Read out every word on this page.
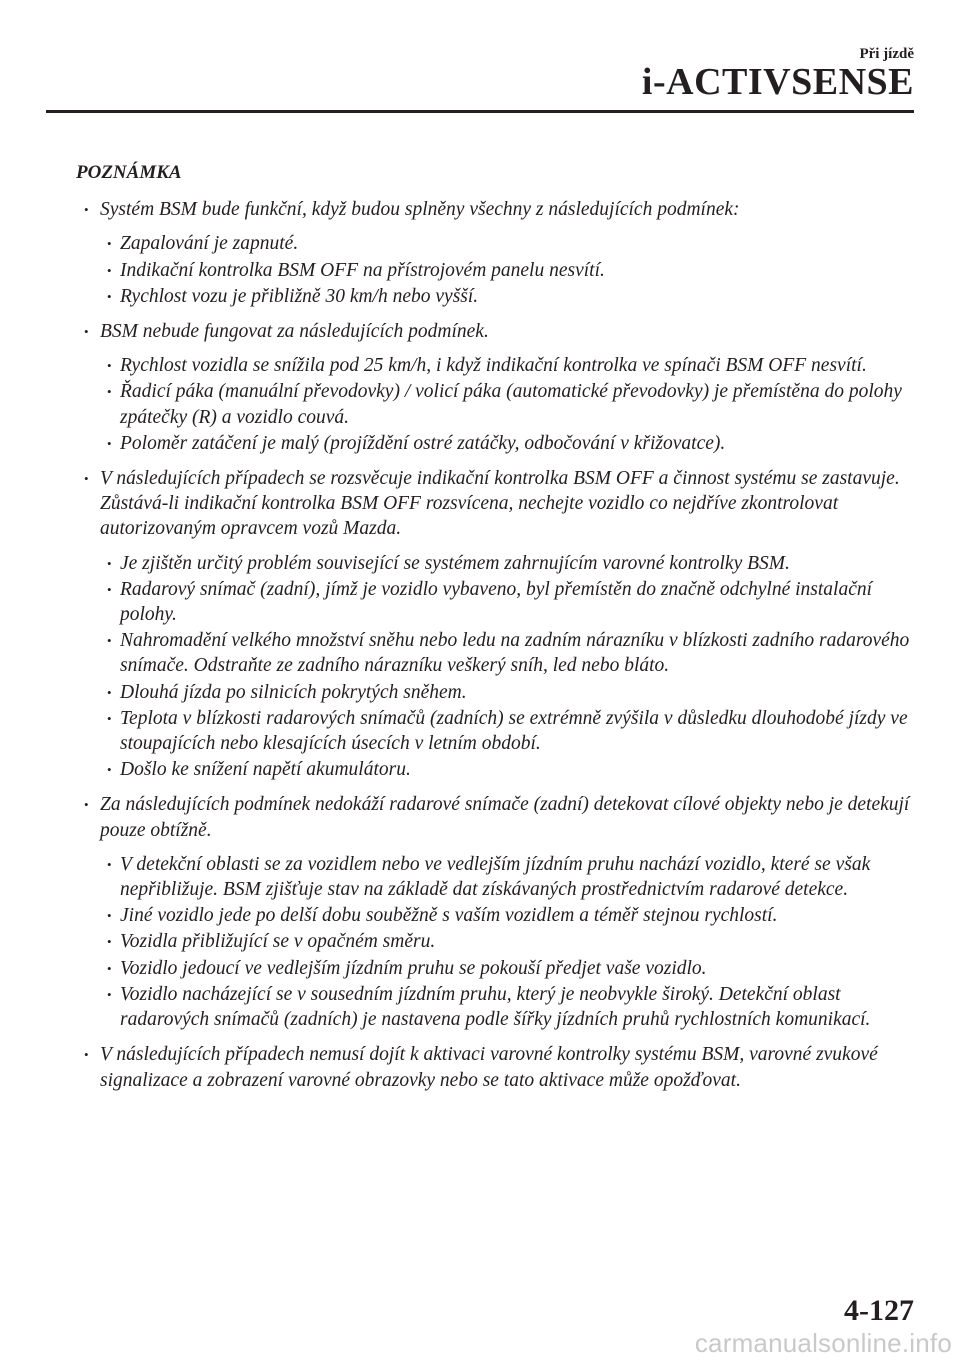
Při jízdě
i-ACTIVSENSE
POZNÁMKA
• Systém BSM bude funkční, když budou splněny všechny z následujících podmínek:
• Zapalování je zapnuté.
• Indikační kontrolka BSM OFF na přístrojovém panelu nesvítí.
• Rychlost vozu je přibližně 30 km/h nebo vyšší.
• BSM nebude fungovat za následujících podmínek.
• Rychlost vozidla se snížila pod 25 km/h, i když indikační kontrolka ve spínači BSM OFF nesvítí.
• Řadicí páka (manuální převodovky) / volicí páka (automatické převodovky) je přemístěna do polohy zpátečky (R) a vozidlo couvá.
• Poloměr zatáčení je malý (projíždění ostré zatáčky, odbočování v křižovatce).
• V následujících případech se rozsvěcuje indikační kontrolka BSM OFF a činnost systému se zastavuje. Zůstává-li indikační kontrolka BSM OFF rozsvícena, nechejte vozidlo co nejdříve zkontrolovat autorizovaným opravcem vozů Mazda.
• Je zjištěn určitý problém související se systémem zahrnujícím varovné kontrolky BSM.
• Radarový snímač (zadní), jímž je vozidlo vybaveno, byl přemístěn do značně odchylné instalační polohy.
• Nahromadění velkého množství sněhu nebo ledu na zadním nárazníku v blízkosti zadního radarového snímače. Odstraňte ze zadního nárazníku veškerý sníh, led nebo bláto.
• Dlouhá jízda po silnicích pokrytých sněhem.
• Teplota v blízkosti radarových snímačů (zadních) se extrémně zvýšila v důsledku dlouhodobé jízdy ve stoupajících nebo klesajících úsecích v letním období.
• Došlo ke snížení napětí akumulátoru.
• Za následujících podmínek nedokáží radarové snímače (zadní) detekovat cílové objekty nebo je detekují pouze obtížně.
• V detekční oblasti se za vozidlem nebo ve vedlejším jízdním pruhu nachází vozidlo, které se však nepřibližuje. BSM zjišťuje stav na základě dat získávaných prostřednictvím radarové detekce.
• Jiné vozidlo jede po delší dobu souběžně s vaším vozidlem a téměř stejnou rychlostí.
• Vozidla přibližující se v opačném směru.
• Vozidlo jedoucí ve vedlejším jízdním pruhu se pokouší předjet vaše vozidlo.
• Vozidlo nacházející se v sousedním jízdním pruhu, který je neobvykle široký. Detekční oblast radarových snímačů (zadních) je nastavena podle šířky jízdních pruhů rychlostních komunikací.
• V následujících případech nemusí dojít k aktivaci varovné kontrolky systému BSM, varovné zvukové signalizace a zobrazení varovné obrazovky nebo se tato aktivace může opožďovat.
4-127
carmanualsonline.info
